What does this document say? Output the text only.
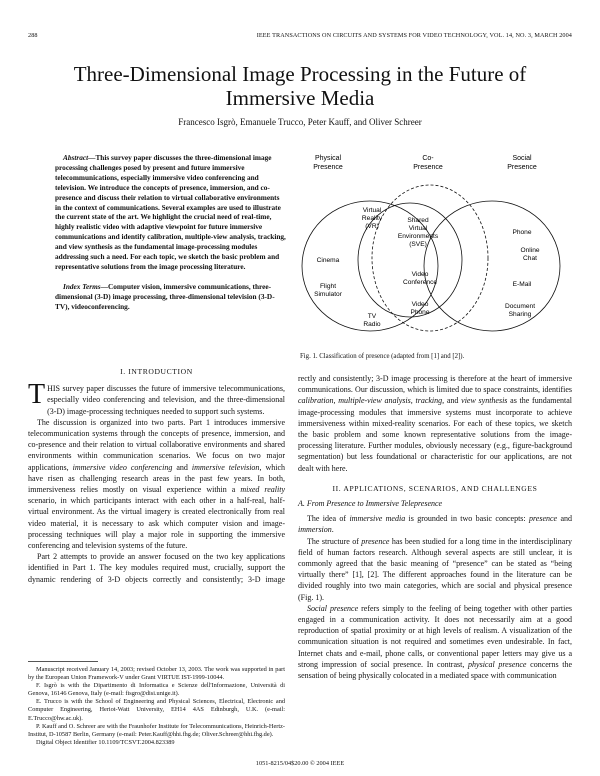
288	IEEE TRANSACTIONS ON CIRCUITS AND SYSTEMS FOR VIDEO TECHNOLOGY, VOL. 14, NO. 3, MARCH 2004
Three-Dimensional Image Processing in the Future of Immersive Media
Francesco Isgrò, Emanuele Trucco, Peter Kauff, and Oliver Schreer

Abstract—This survey paper discusses the three-dimensional image processing challenges posed by present and future immersive telecommunications, especially immersive video conferencing and television. We introduce the concepts of presence, immersion, and co-presence and discuss their relation to virtual collaborative environments in the context of communications. Several examples are used to illustrate the current state of the art. We highlight the crucial need of real-time, highly realistic video with adaptive viewpoint for future immersive communications and identify calibration, multiple-view analysis, tracking, and view synthesis as the fundamental image-processing modules addressing such a need. For each topic, we sketch the basic problem and representative solutions from the image processing literature.

Index Terms—Computer vision, immersive communications, three-dimensional (3-D) image processing, three-dimensional television (3-D-TV), videoconferencing.

Physical Presence
Co-Presence
Social Presence
Virtual Reality (VR)
Shared Virtual Environments (SVE)
Phone
Cinema
Online Chat
Flight Simulator
Video Conference	E-Mail
TV Radio
Video Phone
Document Sharing
Fig. 1. Classification of presence (adapted from [1] and [2]).

I. INTRODUCTION

THIS survey paper discusses the future of immersive telecommunications, especially video conferencing and television, and the three-dimensional (3-D) image-processing techniques needed to support such systems.

The discussion is organized into two parts. Part 1 introduces immersive telecommunication systems through the concepts of presence, immersion, and co-presence and their relation to virtual collaborative environments and shared environments within communication scenarios. We focus on two major applications, immersive video conferencing and immersive television, which have risen as challenging research areas in the past few years. In both, immersiveness relies mostly on visual experience within a mixed reality scenario, in which participants interact with each other in a half-real, half-virtual environment. As the virtual imagery is created electronically from real video material, it is necessary to ask which computer vision and image-processing techniques will play a major role in supporting the immersive conferencing and television systems of the future.

Part 2 attempts to provide an answer focused on the two key applications identified in Part 1. The key modules required must, crucially, support the dynamic rendering of 3-D objects correctly and consistently; 3-D image

Manuscript received January 14, 2003; revised October 13, 2003. The work was supported in part by the European Union Framework-V under Grant VIRTUE IST-1999-10044.

F. Isgrò is with the Dipartimento di Informatica e Scienze dell'Informazione, Università di Genova, 16146 Genova, Italy (e-mail: fisgro@disi.unige.it).

E. Trucco is with the School of Engineering and Physical Sciences, Electrical, Electronic and Computer Engineering, Heriot-Watt University, EH14 4AS Edinburgh, U.K. (e-mail: E.Trucco@hw.ac.uk).

P. Kauff and O. Schreer are with the Fraunhofer Institute for Telecommunications, Heinrich-Hertz-Institut, D-10587 Berlin, Germany (e-mail: Peter.Kauff@hhi.fhg.de; Oliver.Schreer@hhi.fhg.de).

Digital Object Identifier 10.1109/TCSVT.2004.823389

rectly and consistently; 3-D image processing is therefore at the heart of immersive communications. Our discussion, which is limited due to space constraints, identifies calibration, multiple-view analysis, tracking, and view synthesis as the fundamental image-processing modules that immersive systems must incorporate to achieve immersiveness within mixed-reality scenarios. For each of these topics, we sketch the basic problem and some known representative solutions from the image-processing literature. Further modules, obviously necessary (e.g., figure-background segmentation) but less foundational or characteristic for our applications, are not dealt with here.

II. APPLICATIONS, SCENARIOS, AND CHALLENGES

A. From Presence to Immersive Telepresence

The idea of immersive media is grounded in two basic concepts: presence and immersion.

The structure of presence has been studied for a long time in the interdisciplinary field of human factors research. Although several aspects are still unclear, it is commonly agreed that the basic meaning of “presence” can be stated as “being virtually there” [1], [2]. The different approaches found in the literature can be divided roughly into two main categories, which are social and physical presence (Fig. 1).

Social presence refers simply to the feeling of being together with other parties engaged in a communication activity. It does not necessarily aim at a good reproduction of spatial proximity or at high levels of realism. A visualization of the communication situation is not required and sometimes even undesirable. In fact, Internet chats and e-mail, phone calls, or conventional paper letters may give us a strong impression of social presence. In contrast, physical presence concerns the sensation of being physically colocated in a mediated space with communication

1051-8215/04$20.00 © 2004 IEEE
